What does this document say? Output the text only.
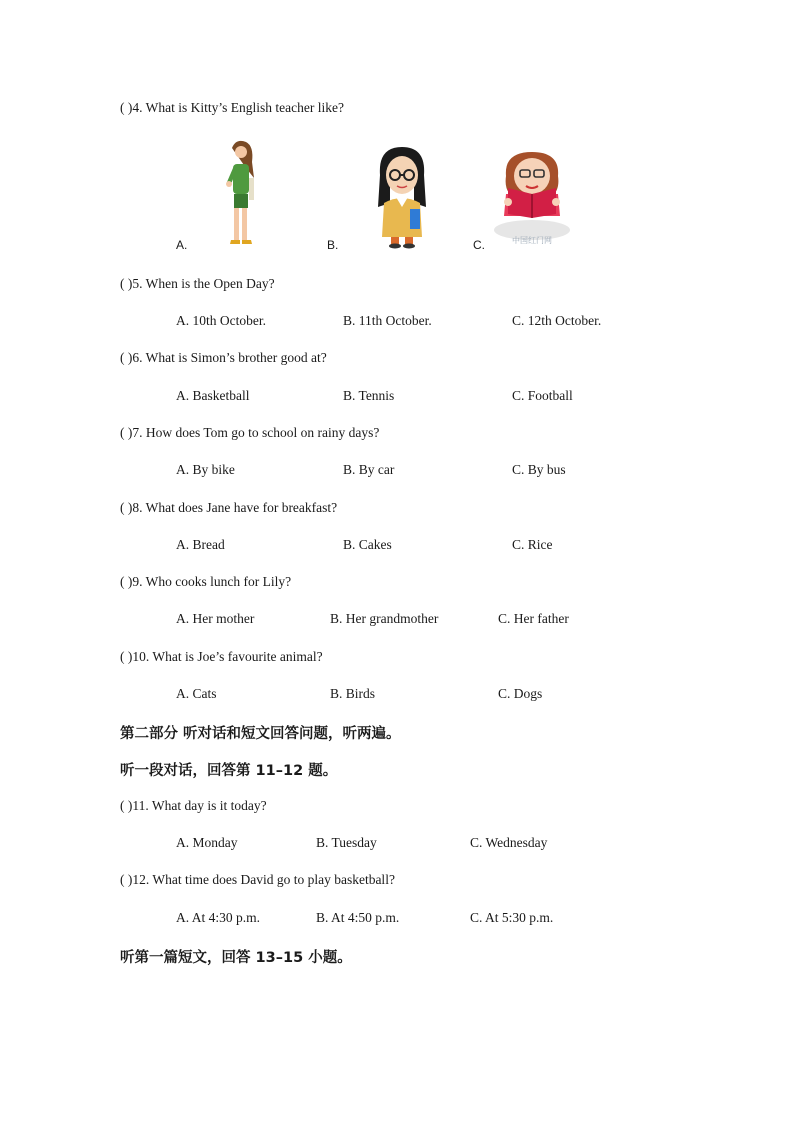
( )4. What is Kitty’s English teacher like?
A.	B.	C.	中国红门网
( )5. When is the Open Day?
A. 10th October.	B. 11th October.	C. 12th October.
( )6. What is Simon’s brother good at?
A. Basketball	B. Tennis	C. Football
( )7. How does Tom go to school on rainy days?
A. By bike	B. By car	C. By bus
( )8. What does Jane have for breakfast?
A. Bread	B. Cakes	C. Rice
( )9. Who cooks lunch for Lily?
A. Her mother	B. Her grandmother	C. Her father
( )10. What is Joe’s favourite animal?
A. Cats	B. Birds	C. Dogs
第二部分 听对话和短文回答问题，听两遍。
听一段对话，回答第 11–12 题。
( )11. What day is it today?
A. Monday	B. Tuesday	C. Wednesday
( )12. What time does David go to play basketball?
A. At 4:30 p.m.	B. At 4:50 p.m.	C. At 5:30 p.m.
听第一篇短文，回答 13–15 小题。
